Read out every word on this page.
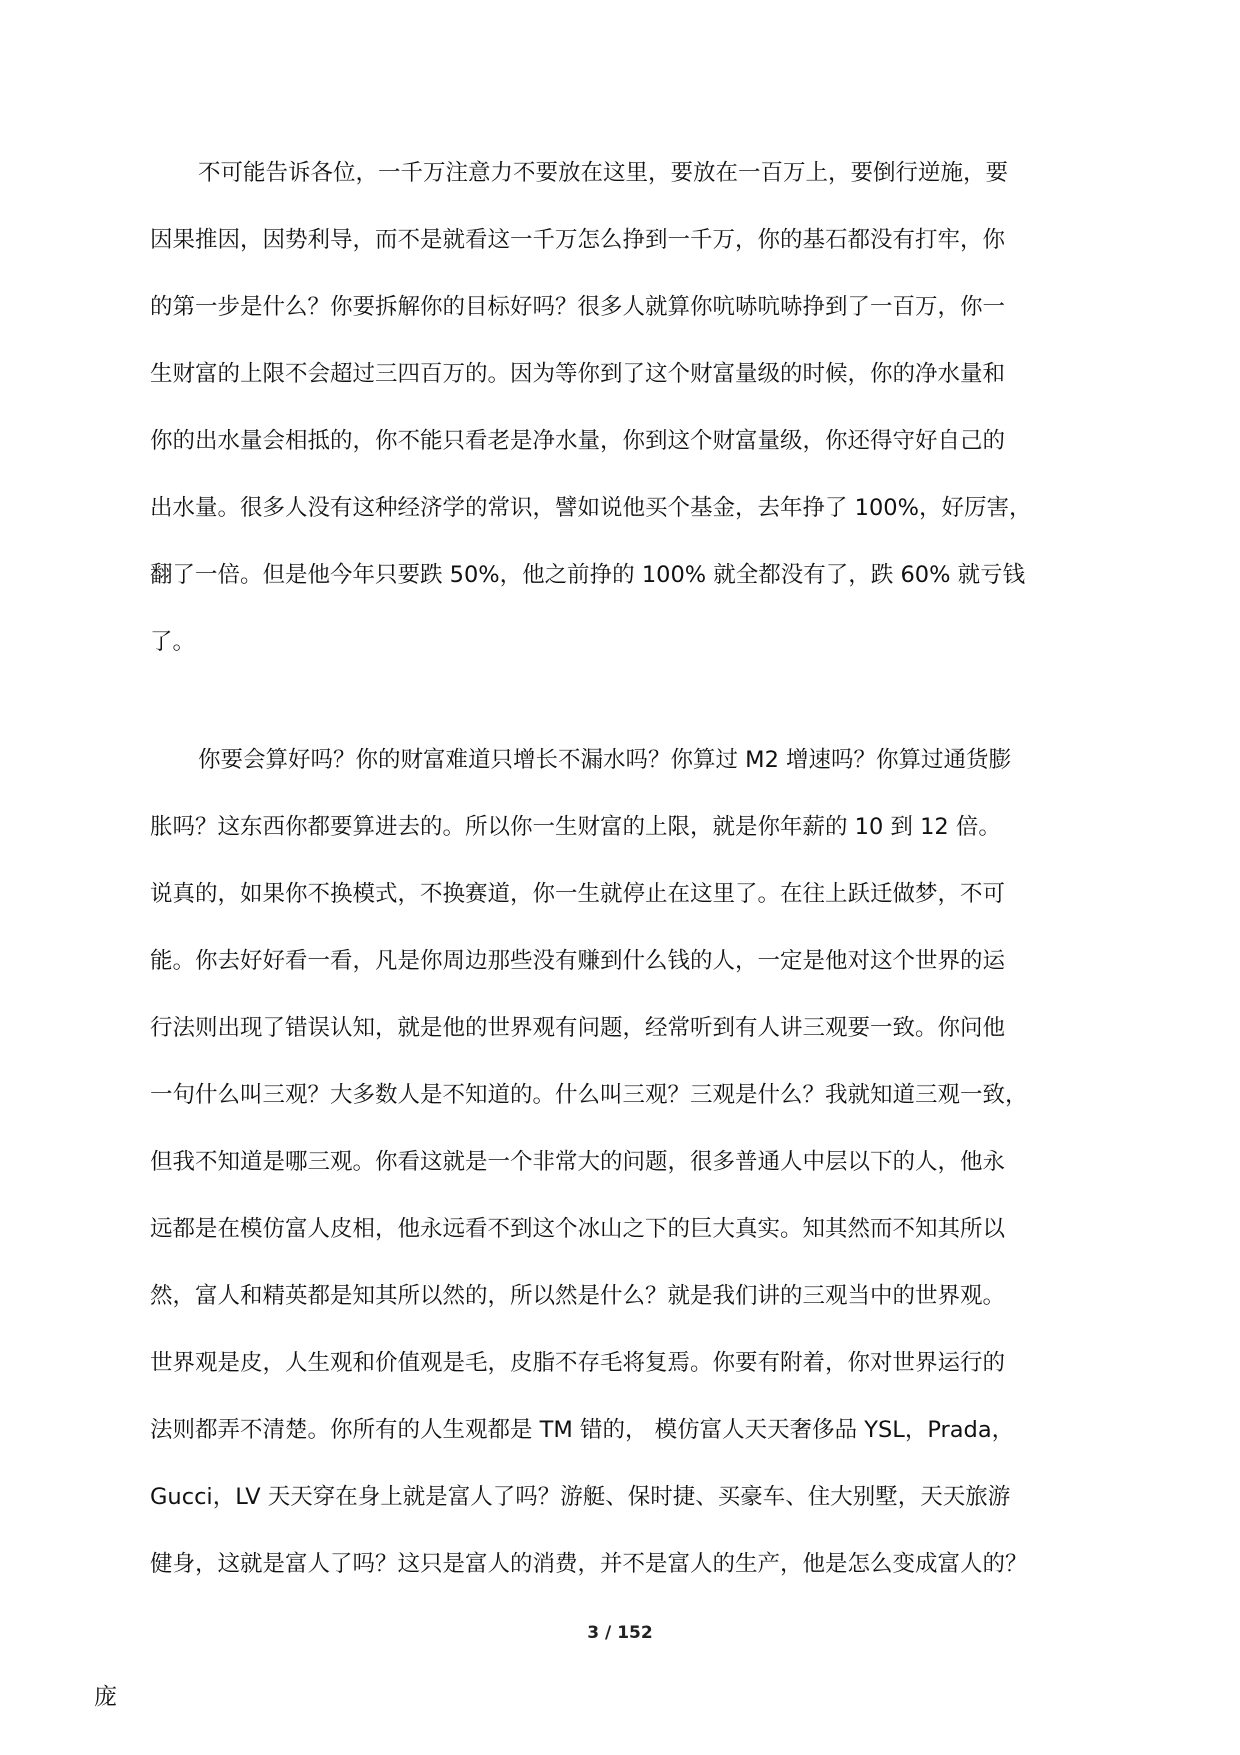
不可能告诉各位，一千万注意力不要放在这里，要放在一百万上，要倒行逆施，要
因果推因，因势利导，而不是就看这一千万怎么挣到一千万，你的基石都没有打牢，你
的第一步是什么？你要拆解你的目标好吗？很多人就算你吭哧吭哧挣到了一百万，你一
生财富的上限不会超过三四百万的。因为等你到了这个财富量级的时候，你的净水量和
你的出水量会相抵的，你不能只看老是净水量，你到这个财富量级，你还得守好自己的
出水量。很多人没有这种经济学的常识，譬如说他买个基金，去年挣了 100%，好厉害，
翻了一倍。但是他今年只要跌 50%，他之前挣的 100% 就全都没有了，跌 60% 就亏钱
了。

你要会算好吗？你的财富难道只增长不漏水吗？你算过 M2 增速吗？你算过通货膨
胀吗？这东西你都要算进去的。所以你一生财富的上限，就是你年薪的 10 到 12 倍。
说真的，如果你不换模式，不换赛道，你一生就停止在这里了。在往上跃迁做梦，不可
能。你去好好看一看，凡是你周边那些没有赚到什么钱的人，一定是他对这个世界的运
行法则出现了错误认知，就是他的世界观有问题，经常听到有人讲三观要一致。你问他
一句什么叫三观？大多数人是不知道的。什么叫三观？三观是什么？我就知道三观一致，
但我不知道是哪三观。你看这就是一个非常大的问题，很多普通人中层以下的人，他永
远都是在模仿富人皮相，他永远看不到这个冰山之下的巨大真实。知其然而不知其所以
然，富人和精英都是知其所以然的，所以然是什么？就是我们讲的三观当中的世界观。
世界观是皮，人生观和价值观是毛，皮脂不存毛将复焉。你要有附着，你对世界运行的
法则都弄不清楚。你所有的人生观都是 TM 错的， 模仿富人天天奢侈品 YSL，Prada，
Gucci，LV 天天穿在身上就是富人了吗？游艇、保时捷、买豪车、住大别墅，天天旅游
健身，这就是富人了吗？这只是富人的消费，并不是富人的生产，他是怎么变成富人的？

3 / 152
庞
